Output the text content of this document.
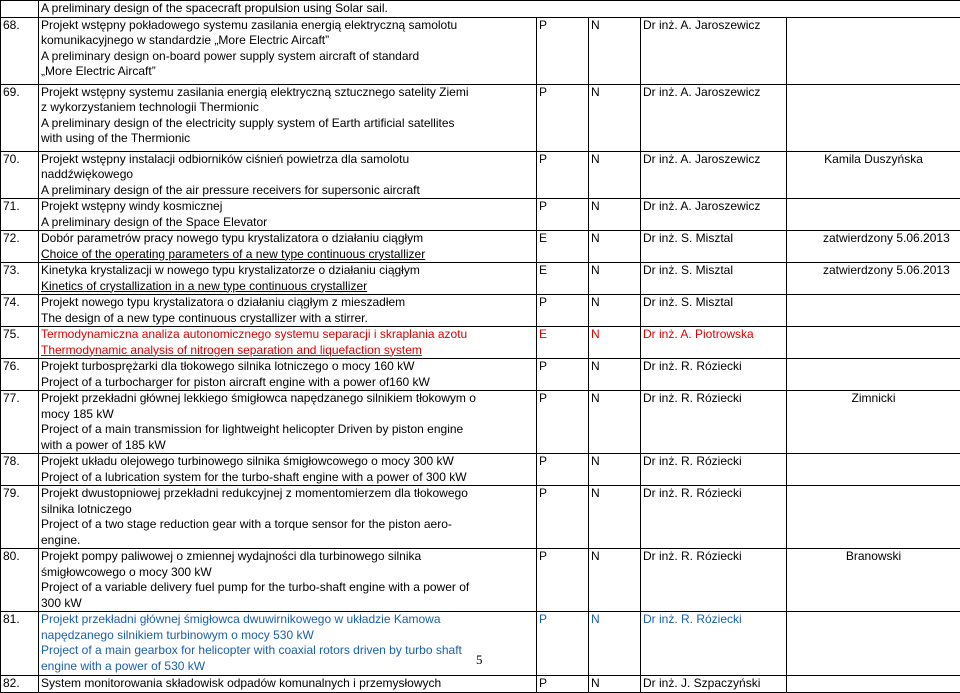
	A preliminary design of the spacecraft propulsion using Solar sail.				

68.	Projekt wstępny pokładowego systemu zasilania energią elektryczną samolotu
komunikacyjnego w standardzie „More Electric Aircaft”
A preliminary design on-board power supply system aircraft of standard
„More Electric Aircaft”	P	N	Dr inż. A. Jaroszewicz	
69.	Projekt wstępny systemu zasilania energią elektryczną sztucznego satelity Ziemi
z wykorzystaniem technologii Thermionic
A preliminary design of the electricity supply system of Earth artificial satellites
with using of the Thermionic	P	N	Dr inż. A. Jaroszewicz	
70.	Projekt wstępny instalacji odbiorników ciśnień powietrza dla samolotu
naddźwiękowego
A preliminary design of the air pressure receivers for supersonic aircraft	P	N	Dr inż. A. Jaroszewicz	Kamila Duszyńska
71.	Projekt wstępny windy kosmicznej
A preliminary design of the Space Elevator	P	N	Dr inż. A. Jaroszewicz	
72.	Dobór parametrów pracy nowego typu krystalizatora o działaniu ciągłym
Choice of the operating parameters of a new type continuous crystallizer	E	N	Dr inż. S. Misztal	zatwierdzony 5.06.2013
73.	Kinetyka krystalizacji w nowego typu krystalizatorze o działaniu ciągłym
Kinetics of crystallization in a new type continuous crystallizer	E	N	Dr inż. S. Misztal	zatwierdzony 5.06.2013
74.	Projekt nowego typu krystalizatora o działaniu ciągłym z mieszadłem
The design of a new type continuous crystallizer with a stirrer.	P	N	Dr inż. S. Misztal	
75.	Termodynamiczna analiza autonomicznego systemu separacji i skraplania azotu
Thermodynamic analysis of nitrogen separation and liquefaction system	E	N	Dr inż. A. Piotrowska	
76.	Projekt turbosprężarki dla tłokowego silnika lotniczego o mocy 160 kW
Project of a turbocharger for piston aircraft engine with a power of160 kW	P	N	Dr inż. R. Róziecki	
77.	Projekt przekładni głównej lekkiego śmigłowca napędzanego silnikiem tłokowym o
mocy 185 kW
Project of a main transmission for lightweight helicopter Driven by piston engine
with a power of 185 kW	P	N	Dr inż. R. Róziecki	Zimnicki
78.	Projekt układu olejowego turbinowego silnika śmigłowcowego o mocy 300 kW
Project of a lubrication system for the turbo-shaft engine with a power of 300 kW	P	N	Dr inż. R. Róziecki	
79.	Projekt dwustopniowej przekładni redukcyjnej z momentomierzem dla tłokowego
silnika lotniczego
Project of a two stage reduction gear with a torque sensor for the piston aero-
engine.	P	N	Dr inż. R. Róziecki	
80.	Projekt pompy paliwowej o zmiennej wydajności dla turbinowego silnika
śmigłowcowego o mocy 300 kW
Project of a variable delivery fuel pump for the turbo-shaft engine with a power of
300 kW	P	N	Dr inż. R. Róziecki	Branowski
81.	Projekt przekładni głównej śmigłowca dwuwirnikowego w układzie Kamowa
napędzanego silnikiem turbinowym o mocy 530 kW
Project of a main gearbox for helicopter with coaxial rotors driven by turbo shaft
engine with a power of 530 kW	P	N	Dr inż. R. Róziecki	
82.	System monitorowania składowisk odpadów komunalnych i przemysłowych	P	N	Dr inż. J. Szpaczyński	
5
